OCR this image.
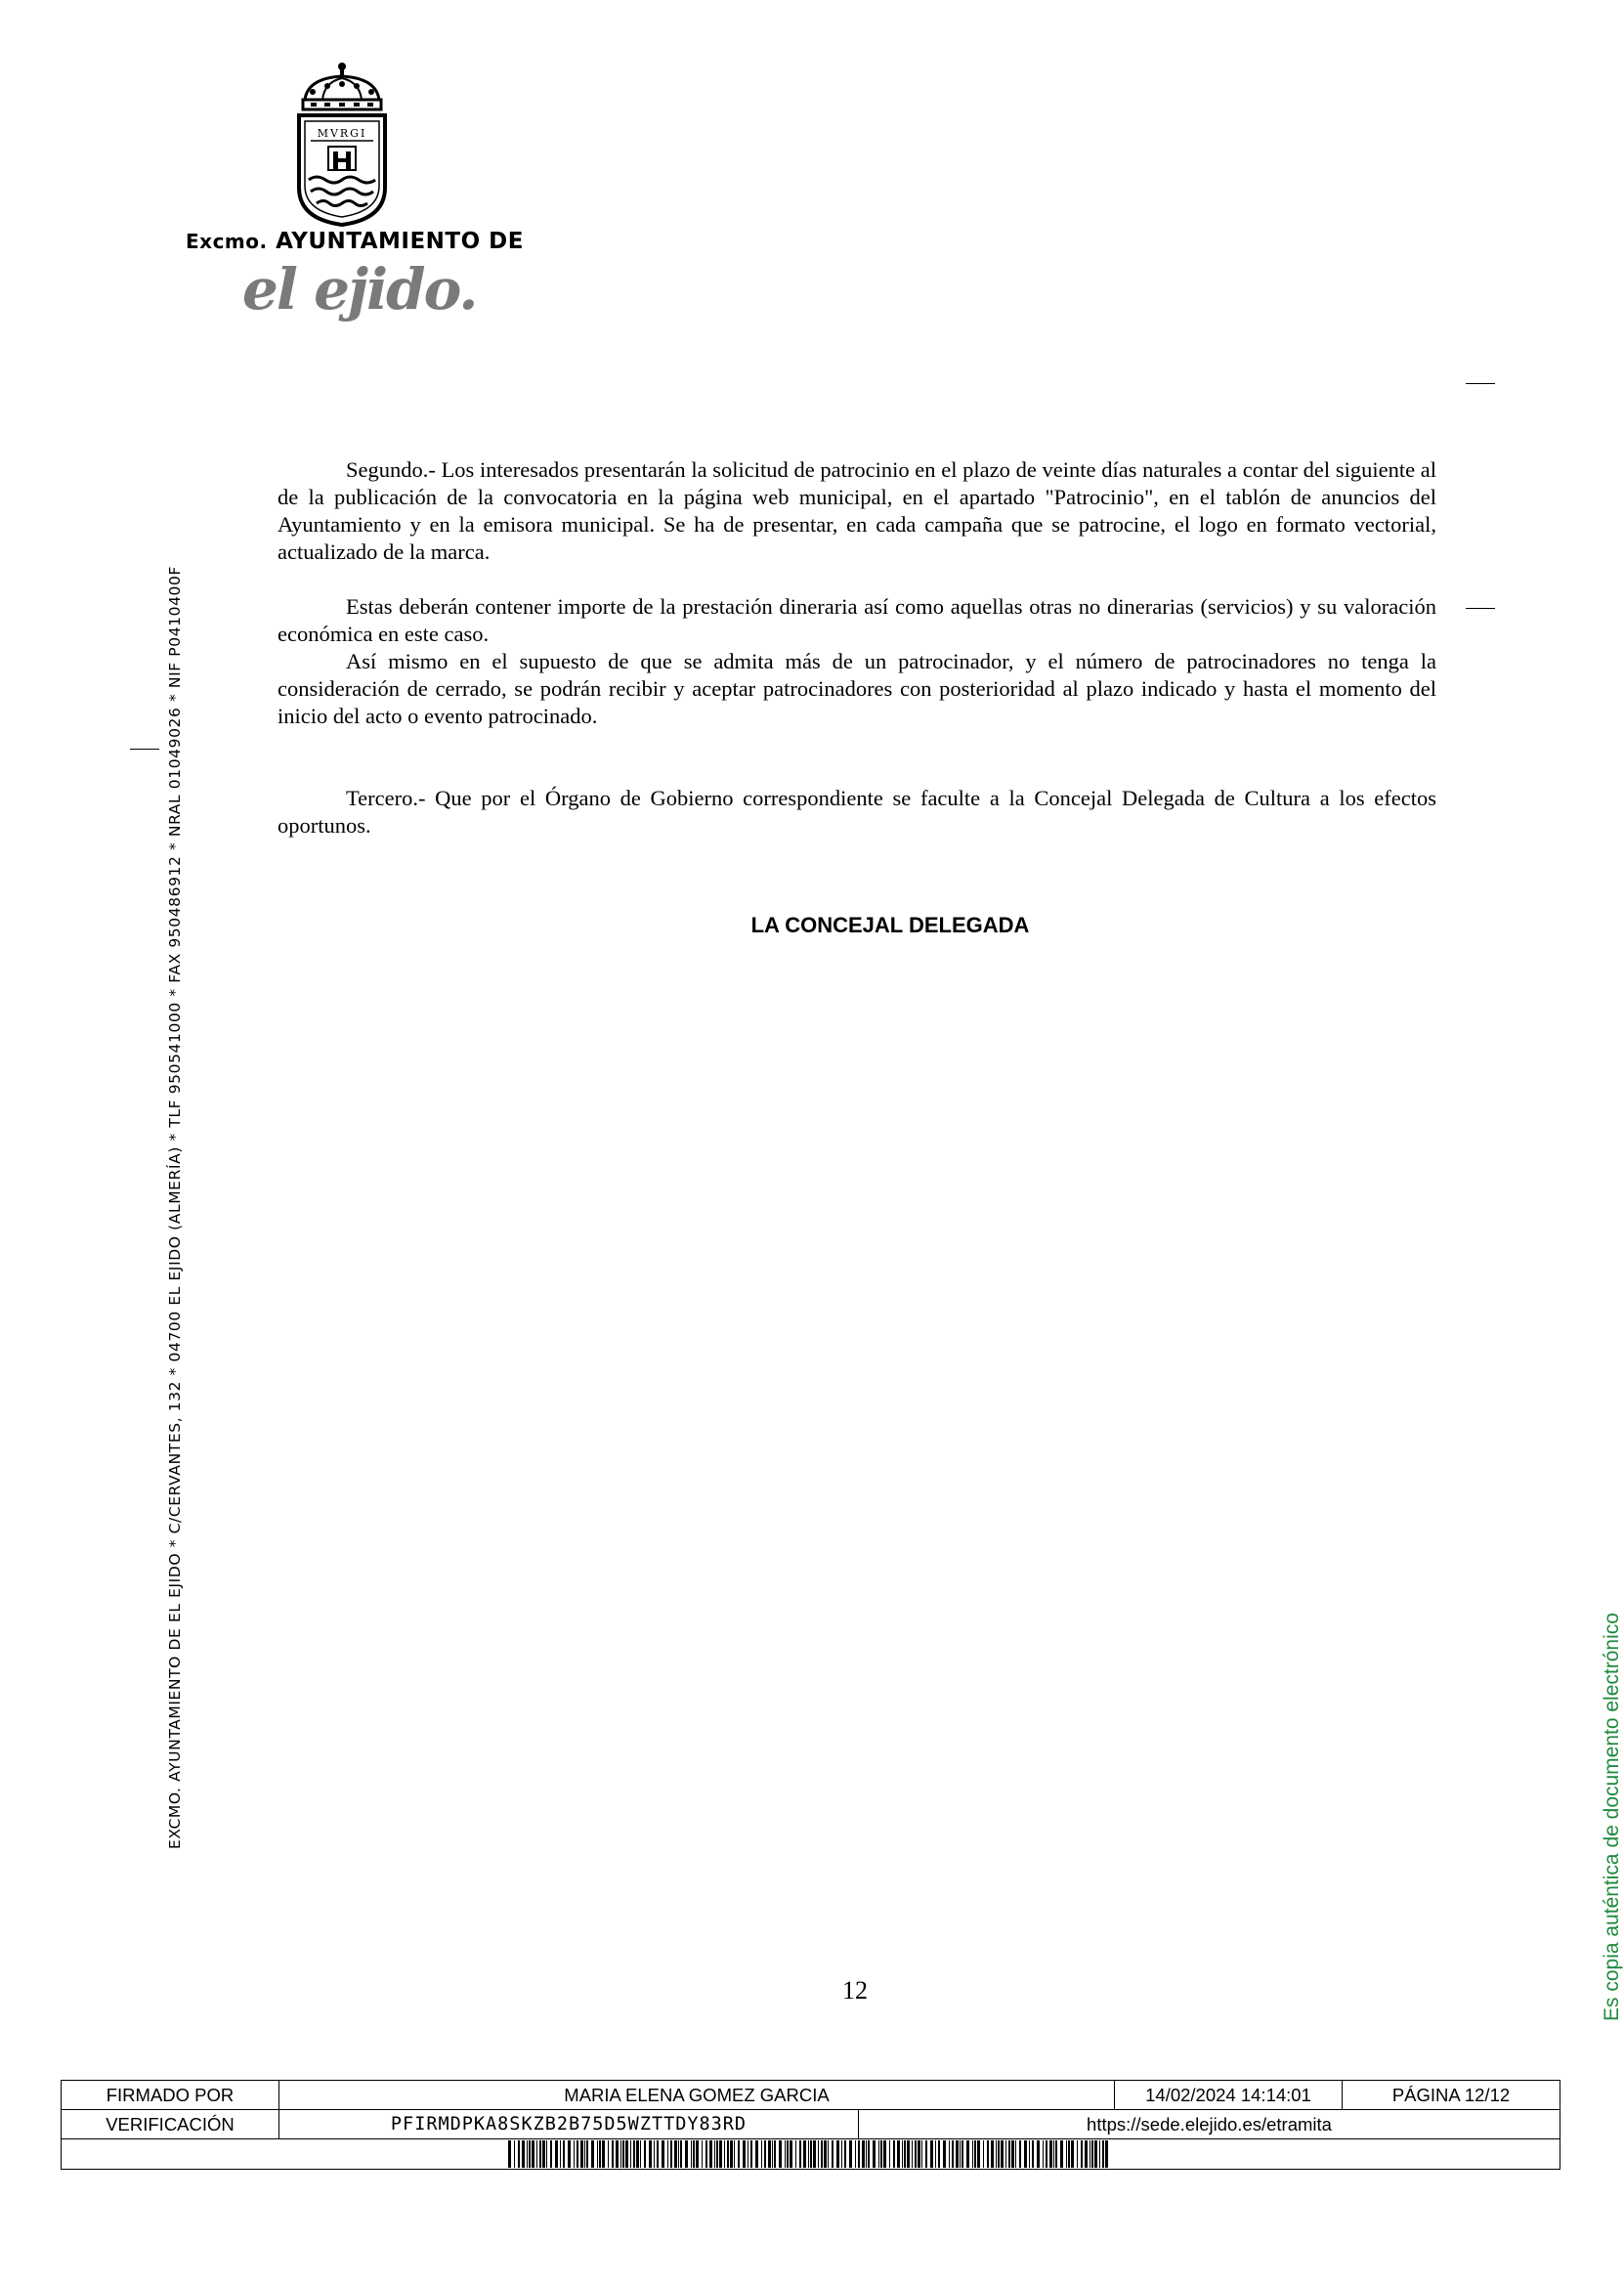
MVRGI
Excmo. AYUNTAMIENTO DE
el ejido.
EXCMO. AYUNTAMIENTO DE EL EJIDO * C/CERVANTES, 132 * 04700 EL EJIDO (ALMERÍA) * TLF 950541000 * FAX 950486912 * NRAL 01049026 * NIF P0410400F	Es copia auténtica de documento electrónico

Segundo.- Los interesados presentarán la solicitud de patrocinio en el plazo de veinte días naturales a contar del siguiente al de la publicación de la convocatoria en la página web municipal, en el apartado "Patrocinio", en el tablón de anuncios del Ayuntamiento y en la emisora municipal. Se ha de presentar, en cada campaña que se patrocine, el logo en formato vectorial, actualizado de la marca.

Estas deberán contener importe de la prestación dineraria así como aquellas otras no dinerarias (servicios) y su valoración económica en este caso.

Así mismo en el supuesto de que se admita más de un patrocinador, y el número de patrocinadores no tenga la consideración de cerrado, se podrán recibir y aceptar patrocinadores con posterioridad al plazo indicado y hasta el momento del inicio del acto o evento patrocinado.

Tercero.- Que por el Órgano de Gobierno correspondiente se faculte a la Concejal Delegada de Cultura a los efectos oportunos.

LA CONCEJAL DELEGADA
12
FIRMADO POR	MARIA ELENA GOMEZ GARCIA		14/02/2024 14:14:01	PÁGINA 12/12
VERIFICACIÓN	PFIRMDPKA8SKZB2B75D5WZTTDY83RD	https://sede.elejido.es/etramita		
